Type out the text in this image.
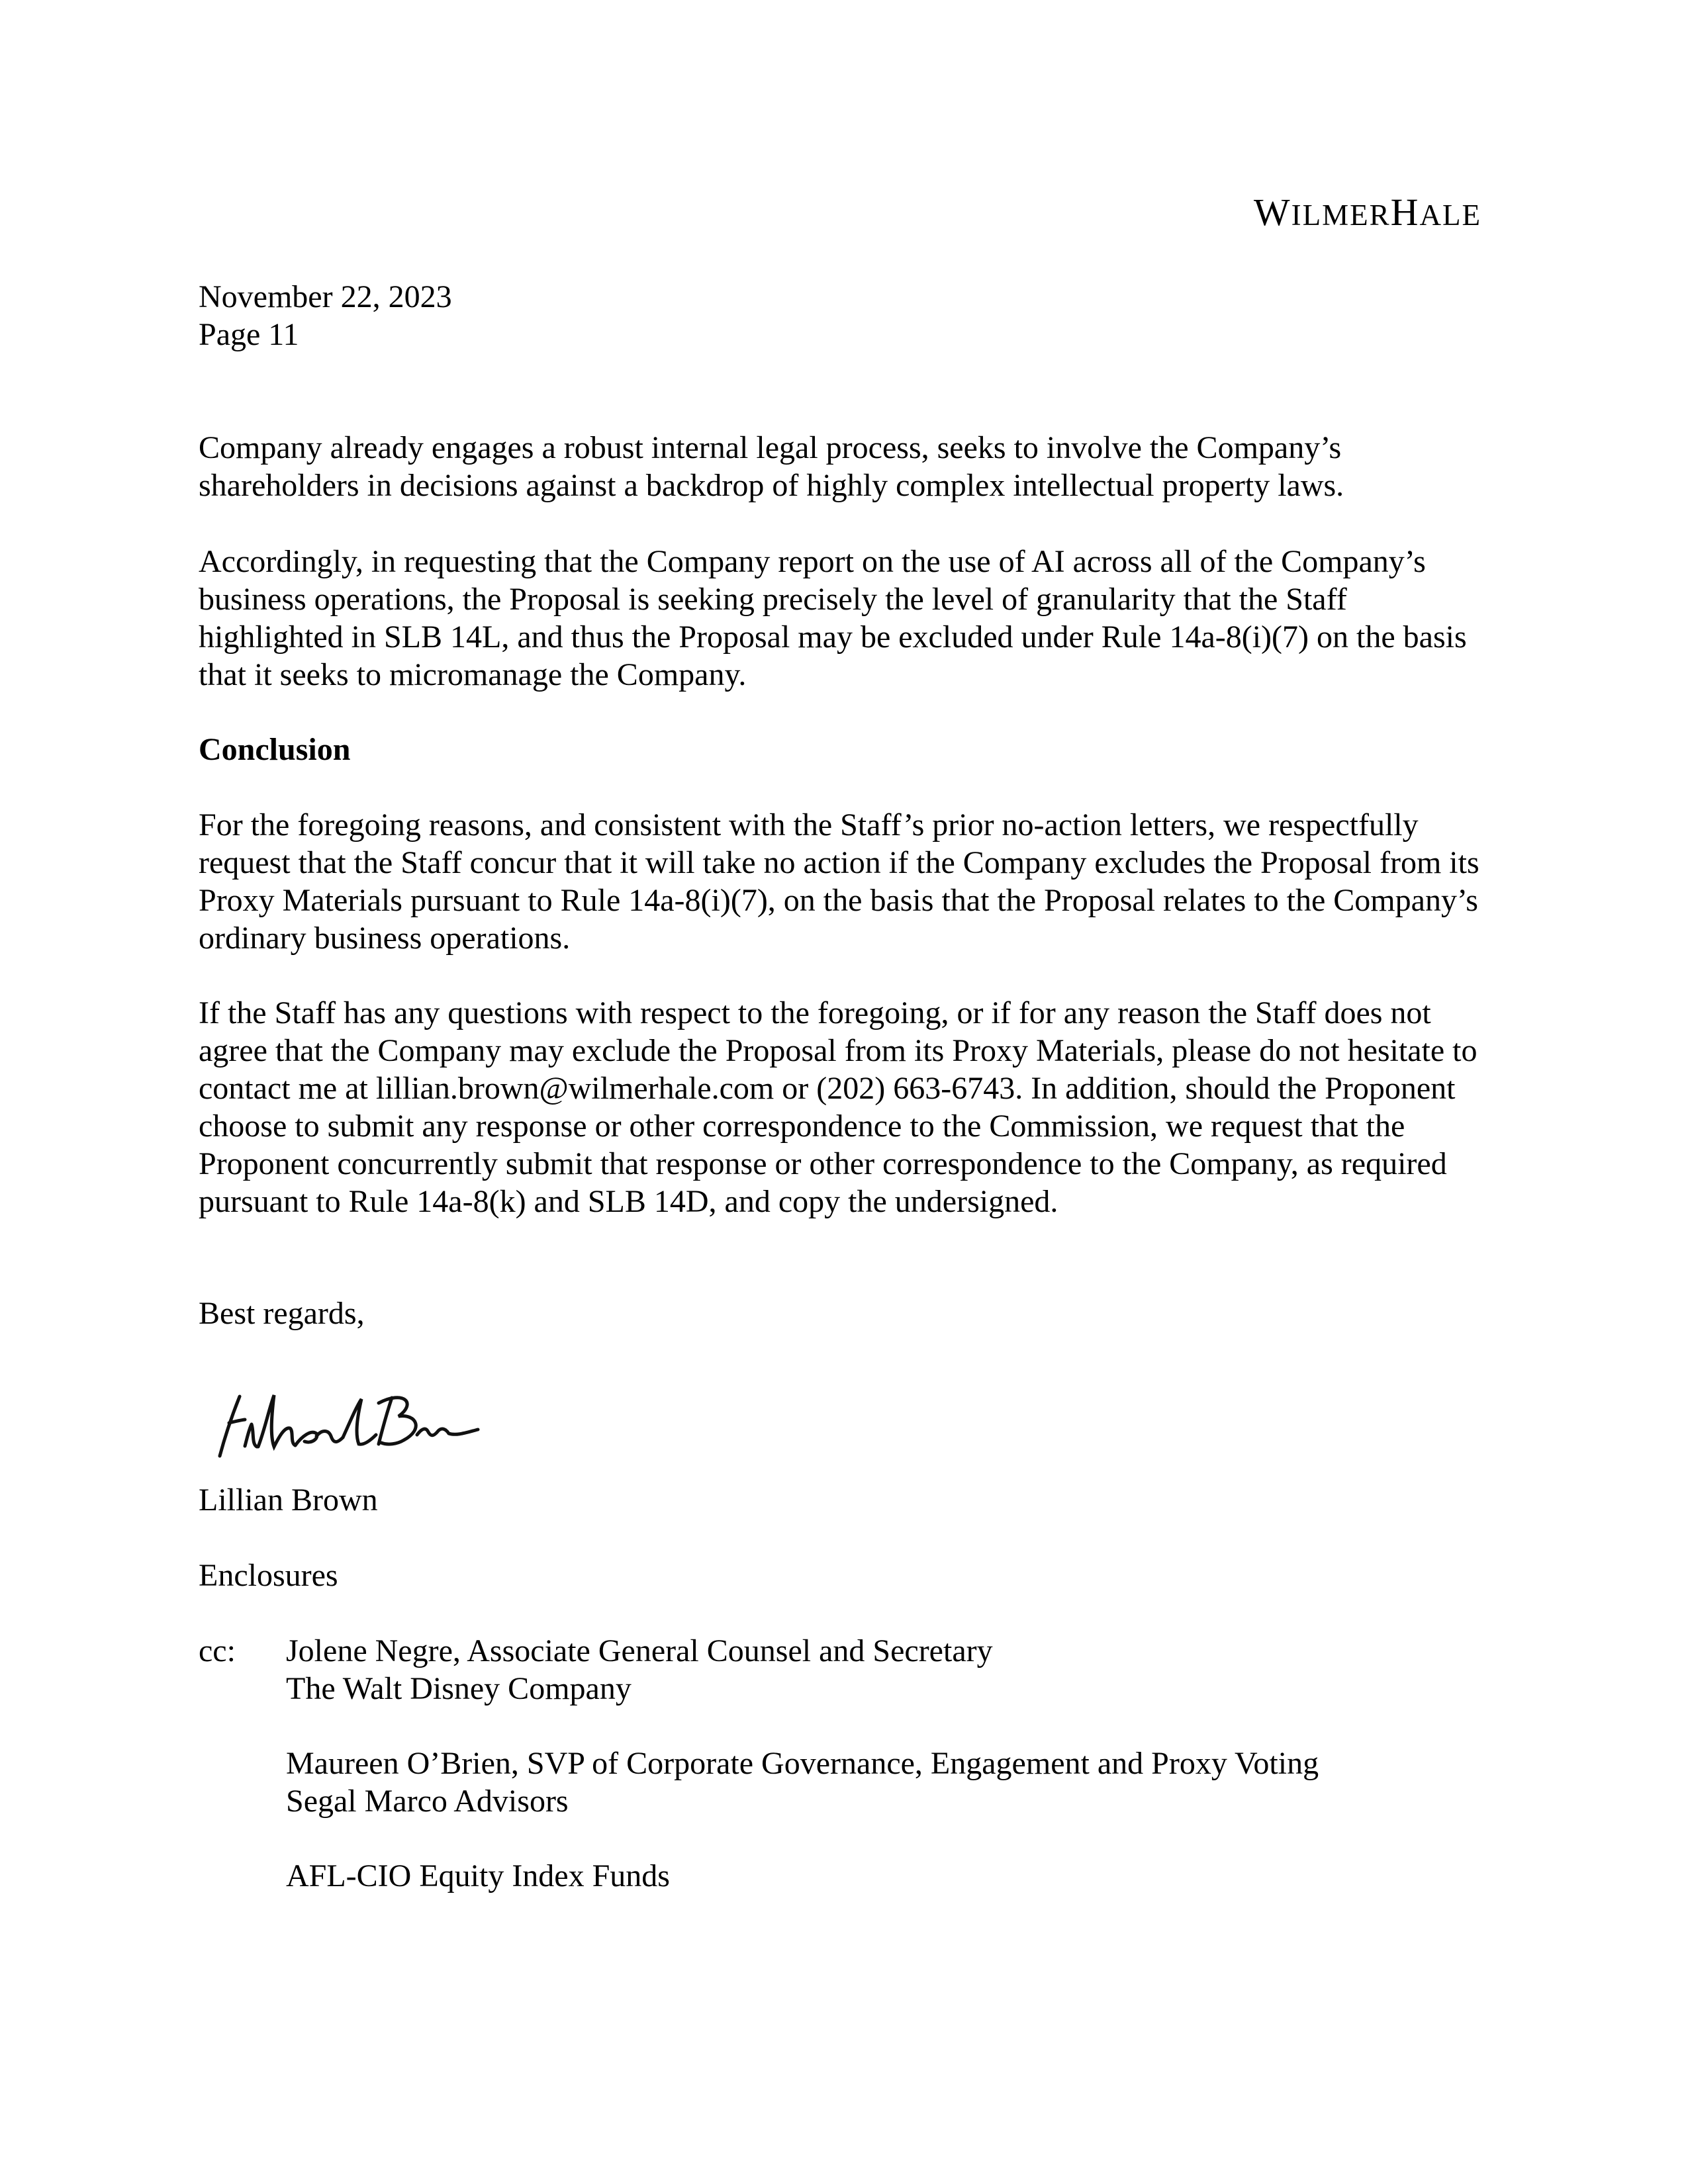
WILMERHALE

November 22, 2023

Page 11

Company already engages a robust internal legal process, seeks to involve the Company’s shareholders in decisions against a backdrop of highly complex intellectual property laws.

Accordingly, in requesting that the Company report on the use of AI across all of the Company’s business operations, the Proposal is seeking precisely the level of granularity that the Staff highlighted in SLB 14L, and thus the Proposal may be excluded under Rule 14a-8(i)(7) on the basis that it seeks to micromanage the Company.

Conclusion

For the foregoing reasons, and consistent with the Staff’s prior no-action letters, we respectfully request that the Staff concur that it will take no action if the Company excludes the Proposal from its Proxy Materials pursuant to Rule 14a-8(i)(7), on the basis that the Proposal relates to the Company’s ordinary business operations.

If the Staff has any questions with respect to the foregoing, or if for any reason the Staff does not agree that the Company may exclude the Proposal from its Proxy Materials, please do not hesitate to contact me at lillian.brown@wilmerhale.com or (202) 663-6743. In addition, should the Proponent choose to submit any response or other correspondence to the Commission, we request that the Proponent concurrently submit that response or other correspondence to the Company, as required pursuant to Rule 14a-8(k) and SLB 14D, and copy the undersigned.

Best regards,

Lillian Brown

Enclosures

cc: Jolene Negre, Associate General Counsel and Secretary

The Walt Disney Company

Maureen O’Brien, SVP of Corporate Governance, Engagement and Proxy Voting

Segal Marco Advisors

AFL-CIO Equity Index Funds
